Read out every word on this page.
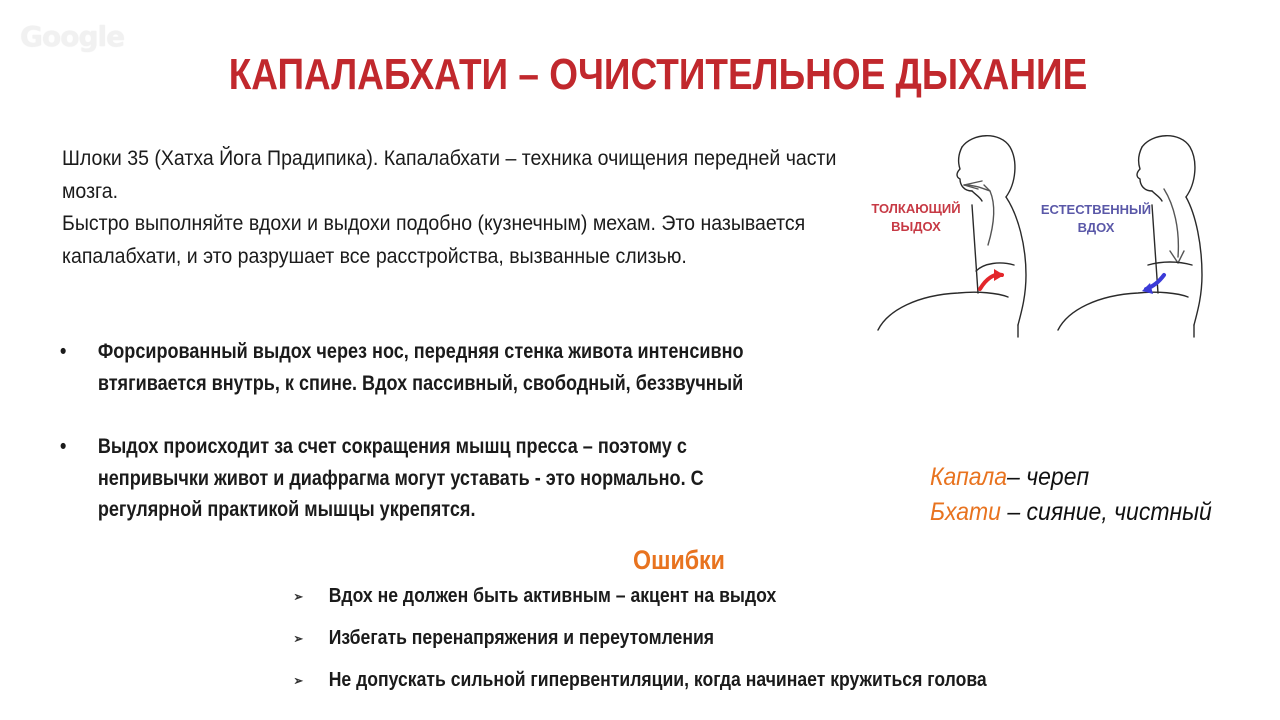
Google
КАПАЛАБХАТИ – ОЧИСТИТЕЛЬНОЕ ДЫХАНИЕ

Шлоки 35 (Хатха Йога Прадипика). Капалабхати – техника очищения передней части мозга.

Быстро выполняйте вдохи и выдохи подобно (кузнечным) мехам. Это называется капалабхати, и это разрушает все расстройства, вызванные слизью.

• Форсированный выдох через нос, передняя стенка живота интенсивно втягивается внутрь, к спине. Вдох пассивный, свободный, беззвучный
• Выдох происходит за счет сокращения мышц пресса – поэтому с непривычки живот и диафрагма могут уставать - это нормально. С регулярной практикой мышцы укрепятся.
ТОЛКАЮЩИЙ
ВЫДОХ
ЕСТЕСТВЕННЫЙ
ВДОХ
Капала– череп
Бхати – сияние, чистный
Ошибки
➢ Вдох не должен быть активным – акцент на выдох
➢ Избегать перенапряжения и переутомления
➢ Не допускать сильной гипервентиляции, когда начинает кружиться голова
